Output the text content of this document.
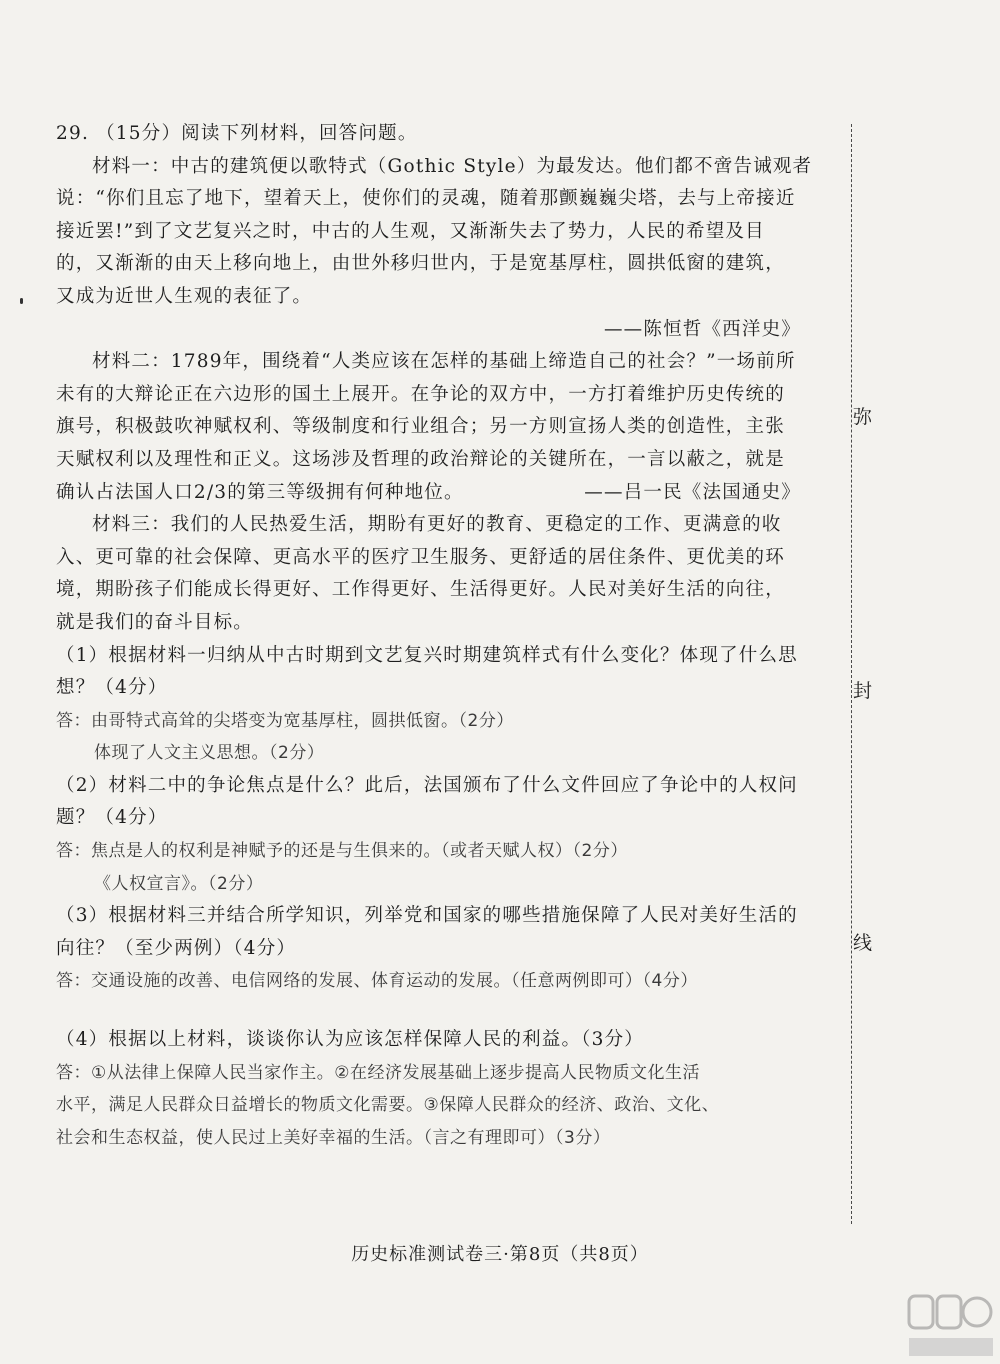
29. （15分）阅读下列材料，回答问题。
材料一：中古的建筑便以歌特式（Gothic Style）为最发达。他们都不啻告诫观者
说：“你们且忘了地下，望着天上，使你们的灵魂，随着那颤巍巍尖塔，去与上帝接近
接近罢!”到了文艺复兴之时，中古的人生观，又渐渐失去了势力，人民的希望及目
的，又渐渐的由天上移向地上，由世外移归世内，于是宽基厚柱，圆拱低窗的建筑，
又成为近世人生观的表征了。
——陈恒哲《西洋史》
材料二：1789年，围绕着“人类应该在怎样的基础上缔造自己的社会？”一场前所
未有的大辩论正在六边形的国土上展开。在争论的双方中，一方打着维护历史传统的
旗号，积极鼓吹神赋权利、等级制度和行业组合；另一方则宣扬人类的创造性，主张
天赋权利以及理性和正义。这场涉及哲理的政治辩论的关键所在，一言以蔽之，就是
确认占法国人口2/3的第三等级拥有何种地位。	——吕一民《法国通史》
材料三：我们的人民热爱生活，期盼有更好的教育、更稳定的工作、更满意的收
入、更可靠的社会保障、更高水平的医疗卫生服务、更舒适的居住条件、更优美的环
境，期盼孩子们能成长得更好、工作得更好、生活得更好。人民对美好生活的向往，
就是我们的奋斗目标。
（1）根据材料一归纳从中古时期到文艺复兴时期建筑样式有什么变化？体现了什么思
想？（4分）
答：由哥特式高耸的尖塔变为宽基厚柱，圆拱低窗。（2分）
体现了人文主义思想。（2分）
（2）材料二中的争论焦点是什么？此后，法国颁布了什么文件回应了争论中的人权问
题？（4分）
答：焦点是人的权利是神赋予的还是与生俱来的。（或者天赋人权）（2分）
《人权宣言》。（2分）
（3）根据材料三并结合所学知识，列举党和国家的哪些措施保障了人民对美好生活的
向往？（至少两例）（4分）
答：交通设施的改善、电信网络的发展、体育运动的发展。（任意两例即可）（4分）
（4）根据以上材料，谈谈你认为应该怎样保障人民的利益。（3分）
答：①从法律上保障人民当家作主。②在经济发展基础上逐步提高人民物质文化生活
水平，满足人民群众日益增长的物质文化需要。③保障人民群众的经济、政治、文化、
社会和生态权益，使人民过上美好幸福的生活。（言之有理即可）（3分）
弥
封
线
历史标准测试卷三·第8页（共8页）
